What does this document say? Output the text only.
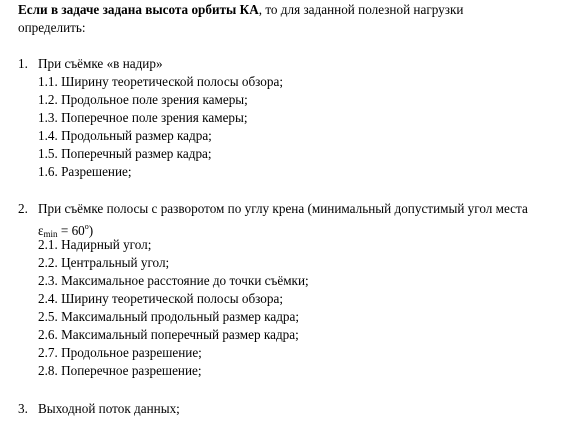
Если в задаче задана высота орбиты КА, то для заданной полезной нагрузки
определить:
1. При съёмке «в надир»
1.1. Ширину теоретической полосы обзора;
1.2. Продольное поле зрения камеры;
1.3. Поперечное поле зрения камеры;
1.4. Продольный размер кадра;
1.5. Поперечный размер кадра;
1.6. Разрешение;
2. При съёмке полосы с разворотом по углу крена (минимальный допустимый угол места
$\varepsilon\min = 60^o$)
2.1. Надирный угол;
2.2. Центральный угол;
2.3. Максимальное расстояние до точки съёмки;
2.4. Ширину теоретической полосы обзора;
2.5. Максимальный продольный размер кадра;
2.6. Максимальный поперечный размер кадра;
2.7. Продольное разрешение;
2.8. Поперечное разрешение;
3. Выходной поток данных;
